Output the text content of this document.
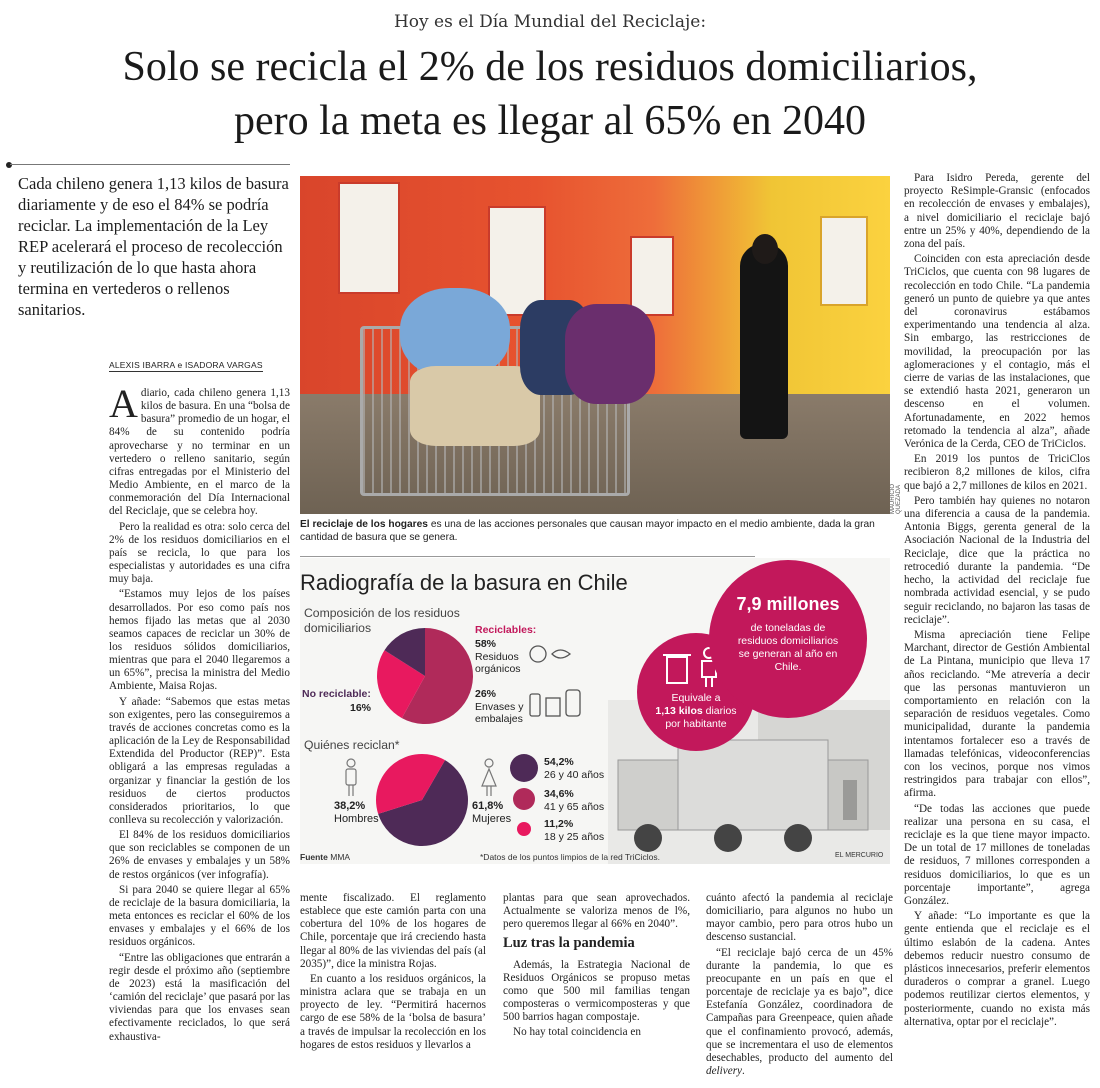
Hoy es el Día Mundial del Reciclaje:
Solo se recicla el 2% de los residuos domiciliarios,
pero la meta es llegar al 65% en 2040
Cada chileno genera 1,13 kilos de basura diariamente y de eso el 84% se podría reciclar. La implementación de la Ley REP acelerará el proceso de recolección y reutilización de lo que hasta ahora termina en vertederos o rellenos sanitarios.
ALEXIS IBARRA e ISADORA VARGAS

Adiario, cada chileno genera 1,13 kilos de basura. En una “bolsa de basura” promedio de un hogar, el 84% de su contenido podría aprovecharse y no terminar en un vertedero o relleno sanitario, según cifras entregadas por el Ministerio del Medio Ambiente, en el marco de la conmemoración del Día Internacional del Reciclaje, que se celebra hoy.

Pero la realidad es otra: solo cerca del 2% de los residuos domiciliarios en el país se recicla, lo que para los especialistas y autoridades es una cifra muy baja.

“Estamos muy lejos de los países desarrollados. Por eso como país nos hemos fijado las metas que al 2030 seamos capaces de reciclar un 30% de los residuos sólidos domiciliarios, mientras que para el 2040 llegaremos a un 65%”, precisa la ministra del Medio Ambiente, Maisa Rojas.

Y añade: “Sabemos que estas metas son exigentes, pero las conseguiremos a través de acciones concretas como es la aplicación de la Ley de Responsabilidad Extendida del Productor (REP)”. Esta obligará a las empresas reguladas a organizar y financiar la gestión de los residuos de ciertos productos considerados prioritarios, lo que conlleva su recolección y valorización.

El 84% de los residuos domiciliarios que son reciclables se componen de un 26% de envases y embalajes y un 58% de restos orgánicos (ver infografía).

Si para 2040 se quiere llegar al 65% de reciclaje de la basura domiciliaria, la meta entonces es reciclar el 60% de los envases y embalajes y el 66% de los residuos orgánicos.

“Entre las obligaciones que entrarán a regir desde el próximo año (septiembre de 2023) está la masificación del ‘camión del reciclaje’ que pasará por las viviendas para que los envases sean efectivamente reciclados, lo que será exhaustiva-

MAURICIO QUEZADA
El reciclaje de los hogares es una de las acciones personales que causan mayor impacto en el medio ambiente, dada la gran cantidad de basura que se genera.
Radiografía de la basura en Chile
Composición de los residuos
domiciliarios	Reciclables:
58%
Residuos
orgánicos
26%
Envases y
embalajes
No reciclable:
16%
Quiénes reciclan*
38,2%
Hombres
61,8%
Mujeres
54,2%
26 y 40 años
34,6%
41 y 65 años
11,2%
18 y 25 años
Equivale a
1,13 kilos diarios
por habitante
7,9 millones
de toneladas de
residuos domiciliarios
se generan al año en
Chile.
Fuente MMA	*Datos de los puntos limpios de la red TriCiclos.	EL MERCURIO

mente fiscalizado. El reglamento establece que este camión parta con una cobertura del 10% de los hogares de Chile, porcentaje que irá creciendo hasta llegar al 80% de las viviendas del país (al 2035)”, dice la ministra Rojas.

En cuanto a los residuos orgánicos, la ministra aclara que se trabaja en un proyecto de ley. “Permitirá hacernos cargo de ese 58% de la ‘bolsa de basura’ a través de impulsar la recolección en los hogares de estos residuos y llevarlos a

plantas para que sean aprovechados. Actualmente se valoriza menos de l%, pero queremos llegar al 66% en 2040”.

Luz tras la pandemia

Además, la Estrategia Nacional de Residuos Orgánicos se propuso metas como que 500 mil familias tengan composteras o vermicomposteras y que 500 barrios hagan compostaje.

No hay total coincidencia en

cuánto afectó la pandemia al reciclaje domiciliario, para algunos no hubo un mayor cambio, pero para otros hubo un descenso sustancial.

“El reciclaje bajó cerca de un 45% durante la pandemia, lo que es preocupante en un país en que el porcentaje de reciclaje ya es bajo”, dice Estefanía González, coordinadora de Campañas para Greenpeace, quien añade que el confinamiento provocó, además, que se incrementara el uso de elementos desechables, producto del aumento del delivery.

Para Isidro Pereda, gerente del proyecto ReSimple-Gransic (enfocados en recolección de envases y embalajes), a nivel domiciliario el reciclaje bajó entre un 25% y 40%, dependiendo de la zona del país.

Coinciden con esta apreciación desde TriCiclos, que cuenta con 98 lugares de recolección en todo Chile. “La pandemia generó un punto de quiebre ya que antes del coronavirus estábamos experimentando una tendencia al alza. Sin embargo, las restricciones de movilidad, la preocupación por las aglomeraciones y el contagio, más el cierre de varias de las instalaciones, que se extendió hasta 2021, generaron un descenso en el volumen. Afortunadamente, en 2022 hemos retomado la tendencia al alza”, añade Verónica de la Cerda, CEO de TriCiclos.

En 2019 los puntos de TriciClos recibieron 8,2 millones de kilos, cifra que bajó a 2,7 millones de kilos en 2021.

Pero también hay quienes no notaron una diferencia a causa de la pandemia. Antonia Biggs, gerenta general de la Asociación Nacional de la Industria del Reciclaje, dice que la práctica no retrocedió durante la pandemia. “De hecho, la actividad del reciclaje fue nombrada actividad esencial, y se pudo seguir reciclando, no bajaron las tasas de reciclaje”.

Misma apreciación tiene Felipe Marchant, director de Gestión Ambiental de La Pintana, municipio que lleva 17 años reciclando. “Me atrevería a decir que las personas mantuvieron un comportamiento en relación con la separación de residuos vegetales. Como municipalidad, durante la pandemia intentamos fortalecer eso a través de llamadas telefónicas, videoconferencias con los vecinos, porque nos vimos restringidos para trabajar con ellos”, afirma.

“De todas las acciones que puede realizar una persona en su casa, el reciclaje es la que tiene mayor impacto. De un total de 17 millones de toneladas de residuos, 7 millones corresponden a residuos domiciliarios, lo que es un porcentaje importante”, agrega González.

Y añade: “Lo importante es que la gente entienda que el reciclaje es el último eslabón de la cadena. Antes debemos reducir nuestro consumo de plásticos innecesarios, preferir elementos duraderos o comprar a granel. Luego podemos reutilizar ciertos elementos, y posteriormente, cuando no exista más alternativa, optar por el reciclaje”.
